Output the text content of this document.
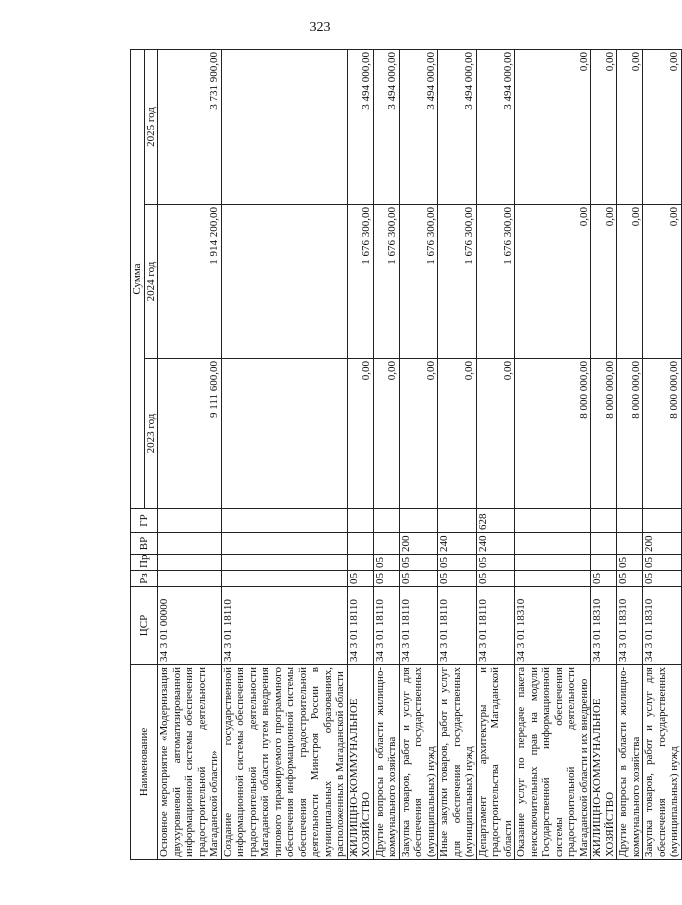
323
Наименование	ЦСР	Рз	Пр	ВР	ГР	Сумма		
						2023 год	2024 год	2025 год
Основное мероприятие «Модернизация двухуровневой автоматизированной информационной системы обеспечения градостроительной деятельности Магаданской области»	34 3 01 00000					9 111 600,00	1 914 200,00	3 731 900,00
Создание государственной информационной системы обеспечения градостроительной деятельности Магаданской области путем внедрения типового тиражируемого программного обеспечения информационной системы обеспечения градостроительной деятельности Минстроя России в муниципальных образованиях, расположенных в Магаданской области	34 3 01 18110							
ЖИЛИЩНО-КОММУНАЛЬНОЕ ХОЗЯЙСТВО	34 3 01 18110	05				0,00	1 676 300,00	3 494 000,00
Другие вопросы в области жилищно-коммунального хозяйства	34 3 01 18110	05	05			0,00	1 676 300,00	3 494 000,00
Закупка товаров, работ и услуг для обеспечения государственных (муниципальных) нужд	34 3 01 18110	05	05	200		0,00	1 676 300,00	3 494 000,00
Иные закупки товаров, работ и услуг для обеспечения государственных (муниципальных) нужд	34 3 01 18110	05	05	240		0,00	1 676 300,00	3 494 000,00
Департамент архитектуры и градостроительства Магаданской области	34 3 01 18110	05	05	240	628	0,00	1 676 300,00	3 494 000,00
Оказание услуг по передаче пакета неисключительных прав на модули Государственной информационной системы обеспечения градостроительной деятельности Магаданской области и их внедрению	34 3 01 18310					8 000 000,00	0,00	0,00
ЖИЛИЩНО-КОММУНАЛЬНОЕ ХОЗЯЙСТВО	34 3 01 18310	05				8 000 000,00	0,00	0,00
Другие вопросы в области жилищно-коммунального хозяйства	34 3 01 18310	05	05			8 000 000,00	0,00	0,00
Закупка товаров, работ и услуг для обеспечения государственных (муниципальных) нужд	34 3 01 18310	05	05	200		8 000 000,00	0,00	0,00
